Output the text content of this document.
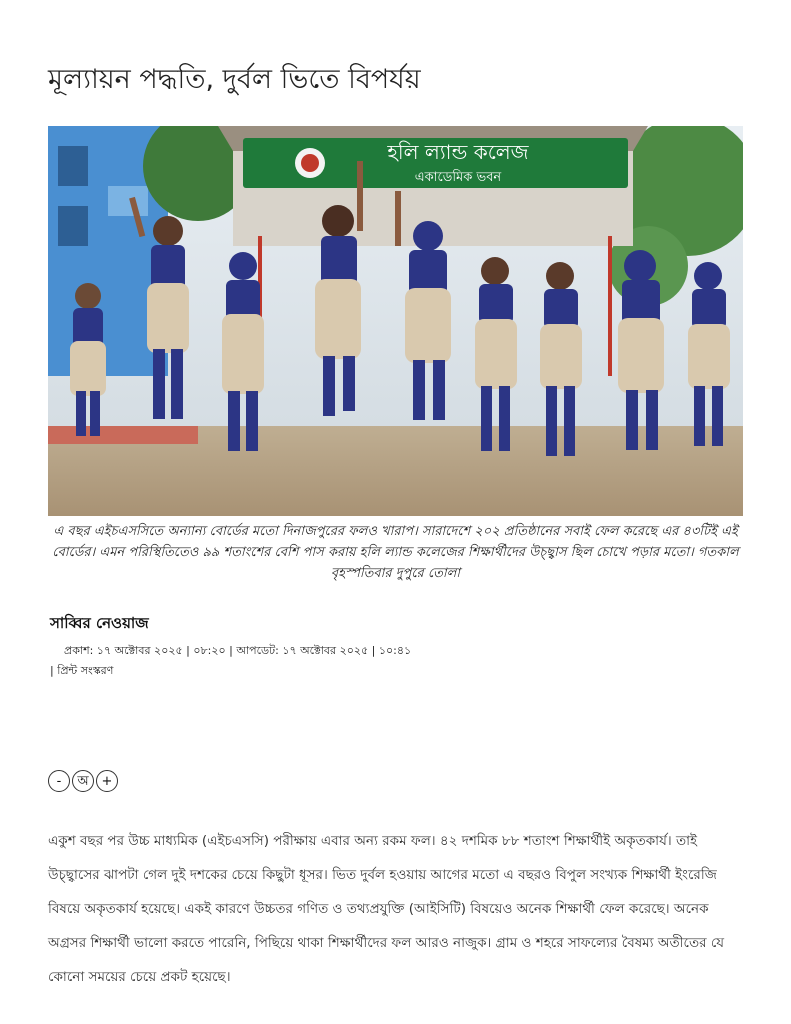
মূল্যায়ন পদ্ধতি, দুর্বল ভিতে বিপর্যয়
হলি ল্যান্ড কলেজ
একাডেমিক ভবন

এ বছর এইচএসসিতে অন্যান্য বোর্ডের মতো দিনাজপুরের ফলও খারাপ। সারাদেশে ২০২ প্রতিষ্ঠানের সবাই ফেল করেছে এর ৪৩টিই এই বোর্ডের। এমন পরিস্থিতিতেও ৯৯ শতাংশের বেশি পাস করায় হলি ল্যান্ড কলেজের শিক্ষার্থীদের উচ্ছ্বাস ছিল চোখে পড়ার মতো। গতকাল বৃহস্পতিবার দুপুরে তোলা

সাব্বির নেওয়াজ
প্রকাশ: ১৭ অক্টোবর ২০২৫ | ০৮:২০ | আপডেট: ১৭ অক্টোবর ২০২৫ | ১০:৪১
| প্রিন্ট সংস্করণ
-	অ +

একুশ বছর পর উচ্চ মাধ্যমিক (এইচএসসি) পরীক্ষায় এবার অন্য রকম ফল। ৪২ দশমিক ৮৮ শতাংশ শিক্ষার্থীই অকৃতকার্য। তাই উচ্ছ্বাসের ঝাপটা গেল দুই দশকের চেয়ে কিছুটা ধূসর। ভিত দুর্বল হওয়ায় আগের মতো এ বছরও বিপুল সংখ্যক শিক্ষার্থী ইংরেজি বিষয়ে অকৃতকার্য হয়েছে। একই কারণে উচ্চতর গণিত ও তথ্যপ্রযুক্তি (আইসিটি) বিষয়েও অনেক শিক্ষার্থী ফেল করেছে। অনেক অগ্রসর শিক্ষার্থী ভালো করতে পারেনি, পিছিয়ে থাকা শিক্ষার্থীদের ফল আরও নাজুক। গ্রাম ও শহরে সাফল্যের বৈষম্য অতীতের যে কোনো সময়ের চেয়ে প্রকট হয়েছে।
